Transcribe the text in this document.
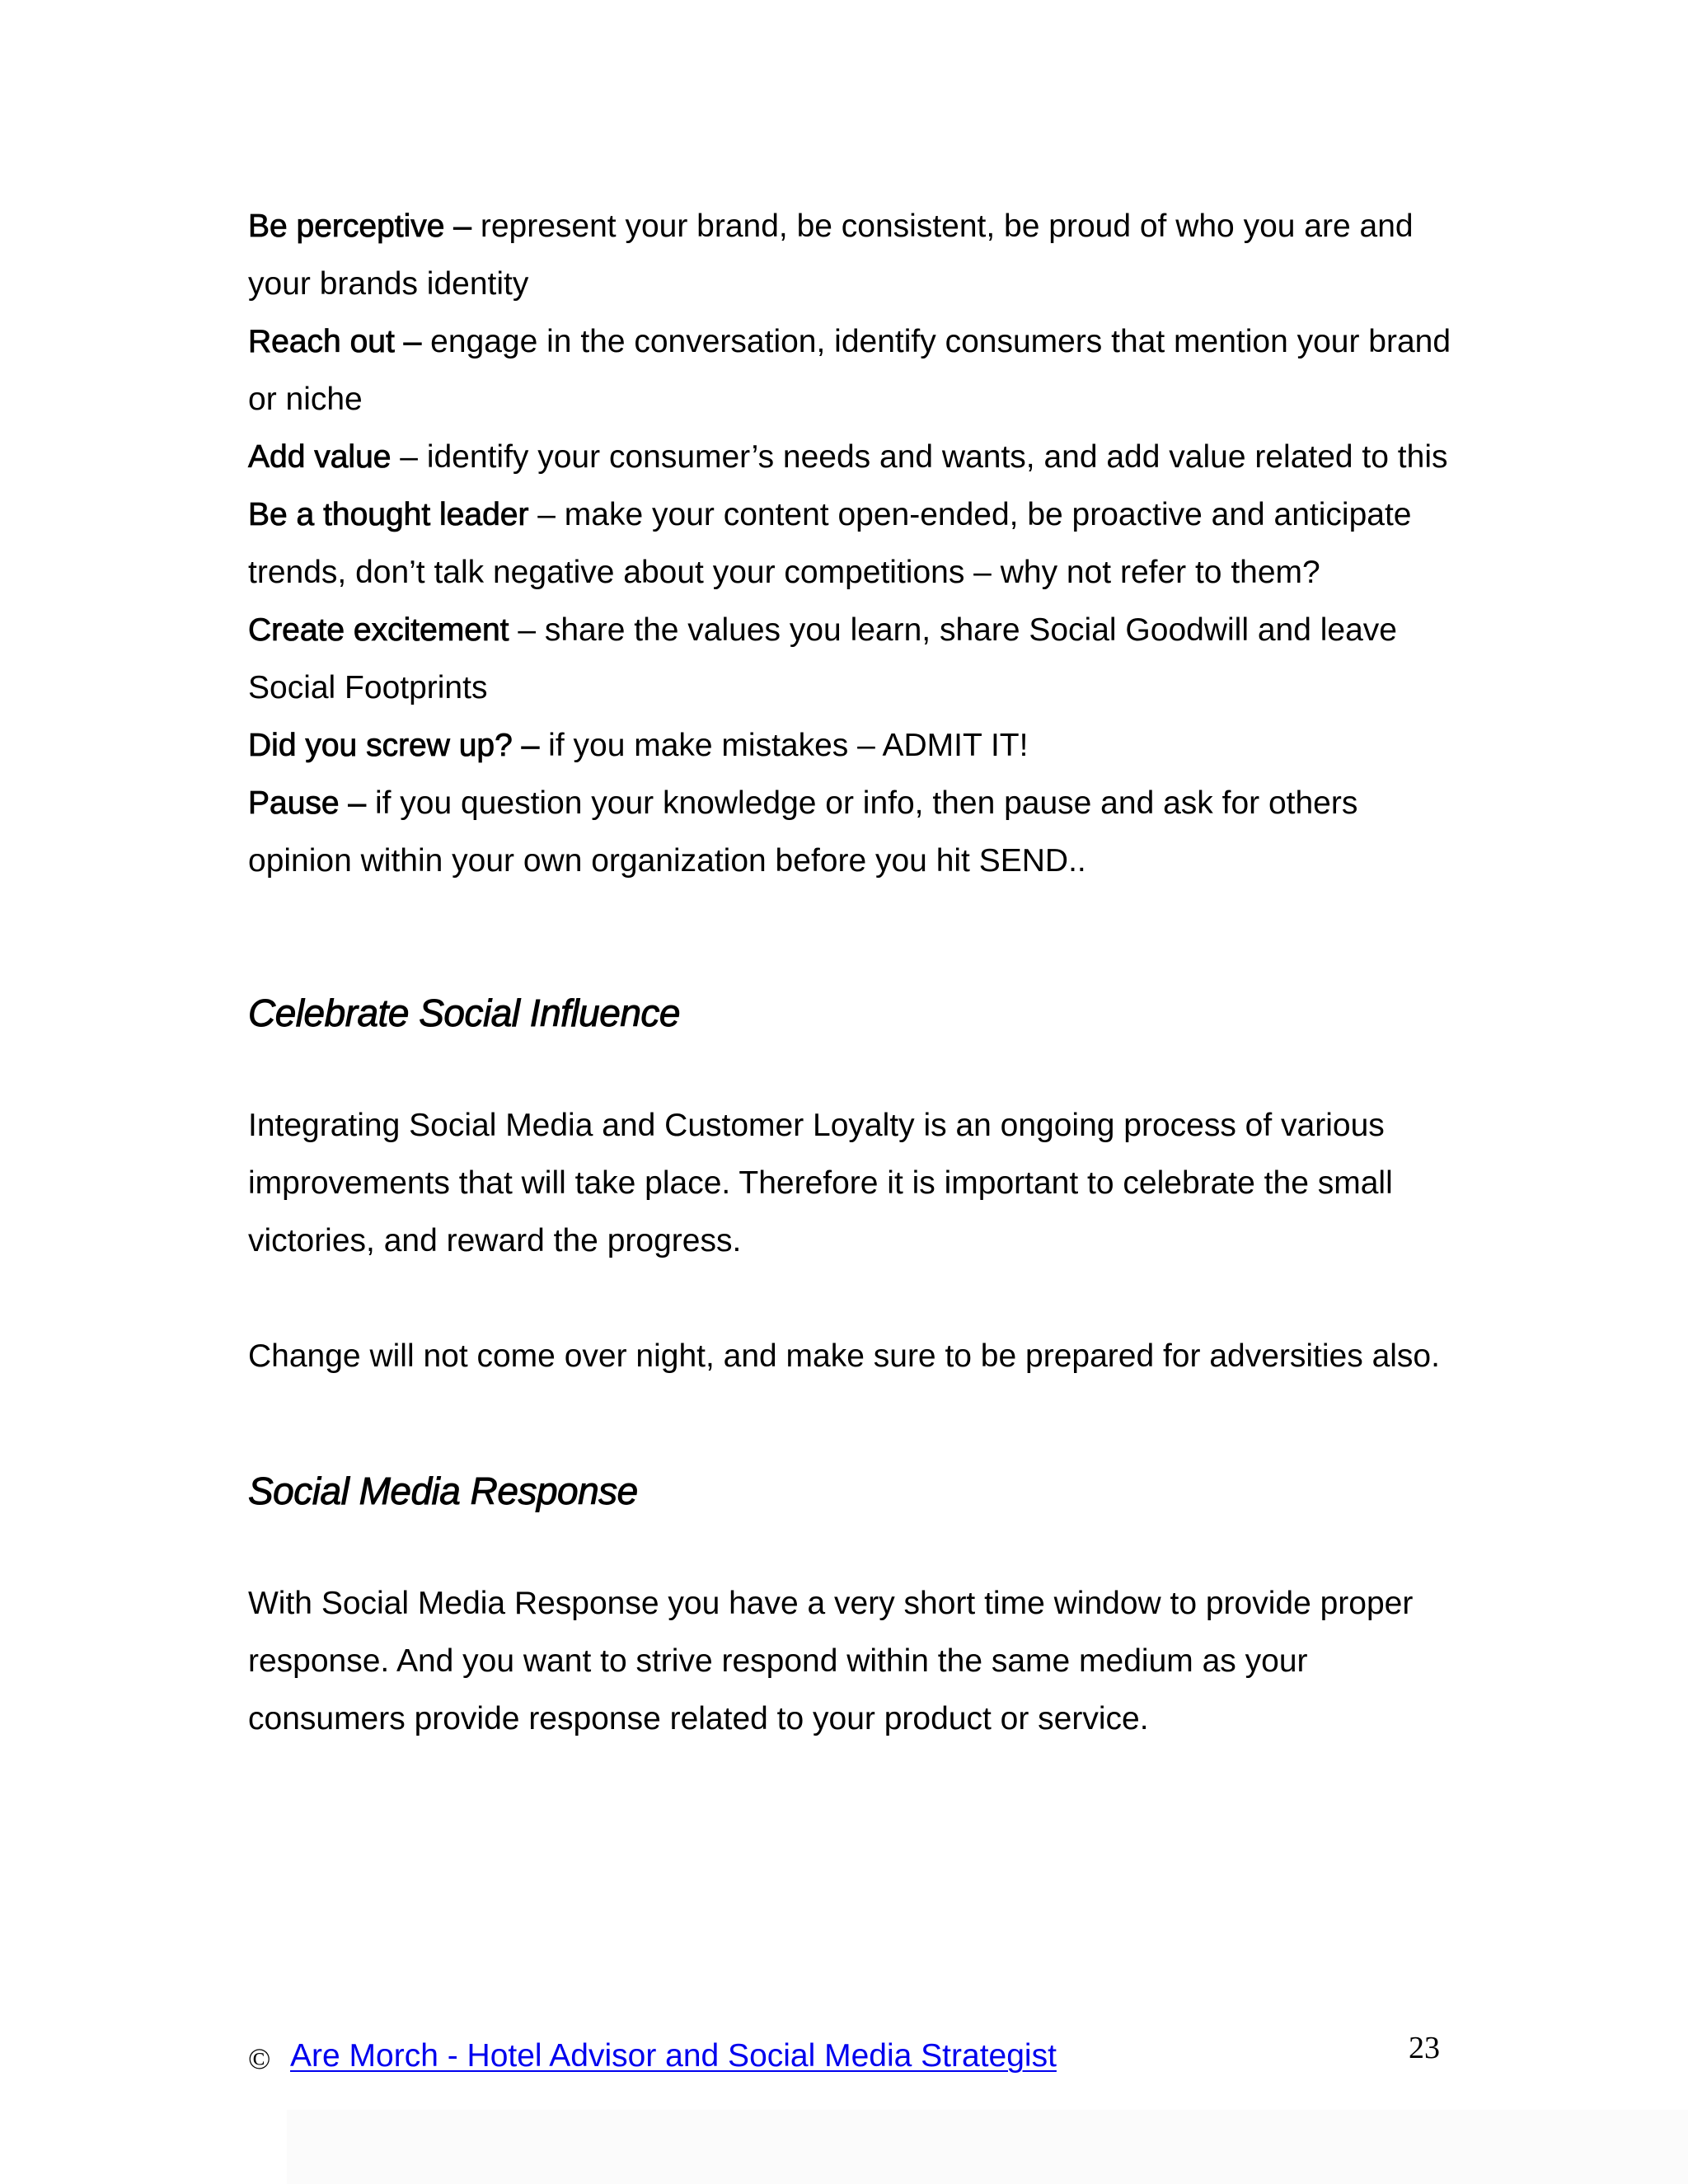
Be perceptive – represent your brand, be consistent, be proud of who you are and your brands identity

Reach out – engage in the conversation, identify consumers that mention your brand or niche

Add value – identify your consumer’s needs and wants, and add value related to this

Be a thought leader – make your content open-ended, be proactive and anticipate trends, don’t talk negative about your competitions – why not refer to them?

Create excitement – share the values you learn, share Social Goodwill and leave Social Footprints

Did you screw up? – if you make mistakes – ADMIT IT!

Pause – if you question your knowledge or info, then pause and ask for others opinion within your own organization before you hit SEND..

Celebrate Social Influence

Integrating Social Media and Customer Loyalty is an ongoing process of various improvements that will take place. Therefore it is important to celebrate the small victories, and reward the progress.

Change will not come over night, and make sure to be prepared for adversities also.

Social Media Response

With Social Media Response you have a very short time window to provide proper response. And you want to strive respond within the same medium as your consumers provide response related to your product or service.

© Are Morch - Hotel Advisor and Social Media Strategist	23
